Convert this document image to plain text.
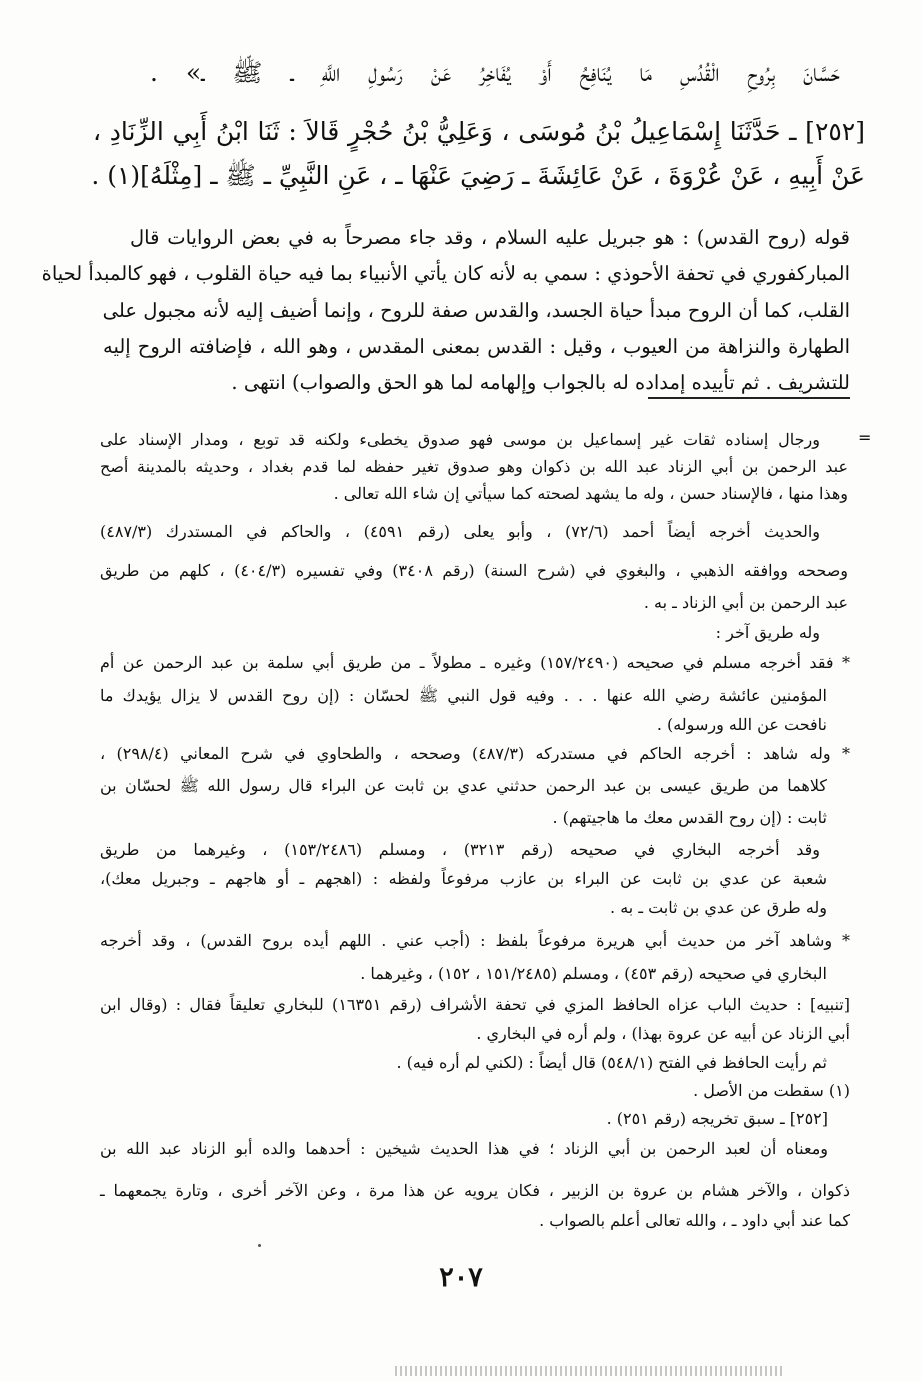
حَسَّانَ بِرُوحِ الْقُدُسِ مَا يُنَافِحُ أَوْ يُفَاخِرُ عَنْ رَسُولِ اللَّهِ ـ ﷺ ـ» .
[٢٥٢] ـ حَدَّثَنَا إِسْمَاعِيلُ بْنُ مُوسَى ، وَعَلِيُّ بْنُ حُجْرٍ قَالاَ : ثَنَا ابْنُ أَبِي الزِّنَادِ ،
عَنْ أَبِيهِ ، عَنْ عُرْوَةَ ، عَنْ عَائِشَةَ ـ رَضِيَ عَنْهَا ـ ، عَنِ النَّبِيِّ ـ ﷺ ـ [مِثْلَهُ](١) .
قوله (روح القدس) : هو جبريل عليه السلام ، وقد جاء مصرحاً به في بعض الروايات قال
المباركفوري في تحفة الأحوذي : سمي به لأنه كان يأتي الأنبياء بما فيه حياة القلوب ، فهو كالمبدأ لحياة
القلب، كما أن الروح مبدأ حياة الجسد، والقدس صفة للروح ، وإنما أضيف إليه لأنه مجبول على
الطهارة والنزاهة من العيوب ، وقيل : القدس بمعنى المقدس ، وهو الله ، فإضافته الروح إليه
للتشريف . ثم تأييده إمداده له بالجواب وإلهامه لما هو الحق والصواب) انتهى .
=
ورجال إسناده ثقات غير إسماعيل بن موسى فهو صدوق يخطىء ولكنه قد توبع ، ومدار الإسناد على
عبد الرحمن بن أبي الزناد عبد الله بن ذكوان وهو صدوق تغير حفظه لما قدم بغداد ، وحديثه بالمدينة أصح
وهذا منها ، فالإسناد حسن ، وله ما يشهد لصحته كما سيأتي إن شاء الله تعالى .
والحديث أخرجه أيضاً أحمد (٧٢/٦) ، وأبو يعلى (رقم ٤٥٩١) ، والحاكم في المستدرك (٤٨٧/٣)
وصححه ووافقه الذهبي ، والبغوي في (شرح السنة) (رقم ٣٤٠٨) وفي تفسيره (٤٠٤/٣) ، كلهم من طريق
عبد الرحمن بن أبي الزناد ـ به .
وله طريق آخر :
* فقد أخرجه مسلم في صحيحه (١٥٧/٢٤٩٠) وغيره ـ مطولاً ـ من طريق أبي سلمة بن عبد الرحمن عن أم
المؤمنين عائشة رضي الله عنها . . . وفيه قول النبي ﷺ لحسّان : (إن روح القدس لا يزال يؤيدك ما
نافحت عن الله ورسوله) .
* وله شاهد : أخرجه الحاكم في مستدركه (٤٨٧/٣) وصححه ، والطحاوي في شرح المعاني (٢٩٨/٤) ،
كلاهما من طريق عيسى بن عبد الرحمن حدثني عدي بن ثابت عن البراء قال رسول الله ﷺ لحسّان بن
ثابت : (إن روح القدس معك ما هاجيتهم) .
وقد أخرجه البخاري في صحيحه (رقم ٣٢١٣) ، ومسلم (١٥٣/٢٤٨٦) ، وغيرهما من طريق
شعبة عن عدي بن ثابت عن البراء بن عازب مرفوعاً ولفظه : (اهجهم ـ أو هاجهم ـ وجبريل معك)،
وله طرق عن عدي بن ثابت ـ به .
* وشاهد آخر من حديث أبي هريرة مرفوعاً بلفظ : (أجب عني . اللهم أيده بروح القدس) ، وقد أخرجه
البخاري في صحيحه (رقم ٤٥٣) ، ومسلم (١٥١/٢٤٨٥ ، ١٥٢) ، وغيرهما .
[تنبيه] : حديث الباب عزاه الحافظ المزي في تحفة الأشراف (رقم ١٦٣٥١) للبخاري تعليقاً فقال : (وقال ابن
أبي الزناد عن أبيه عن عروة بهذا) ، ولم أره في البخاري .
ثم رأيت الحافظ في الفتح (٥٤٨/١) قال أيضاً : (لكني لم أره فيه) .
(١) سقطت من الأصل .
[٢٥٢] ـ سبق تخريجه (رقم ٢٥١) .
ومعناه أن لعبد الرحمن بن أبي الزناد ؛ في هذا الحديث شيخين : أحدهما والده أبو الزناد عبد الله بن
ذكوان ، والآخر هشام بن عروة بن الزبير ، فكان يرويه عن هذا مرة ، وعن الآخر أخرى ، وتارة يجمعهما ـ
كما عند أبي داود ـ ، والله تعالى أعلم بالصواب .
٢٠٧
